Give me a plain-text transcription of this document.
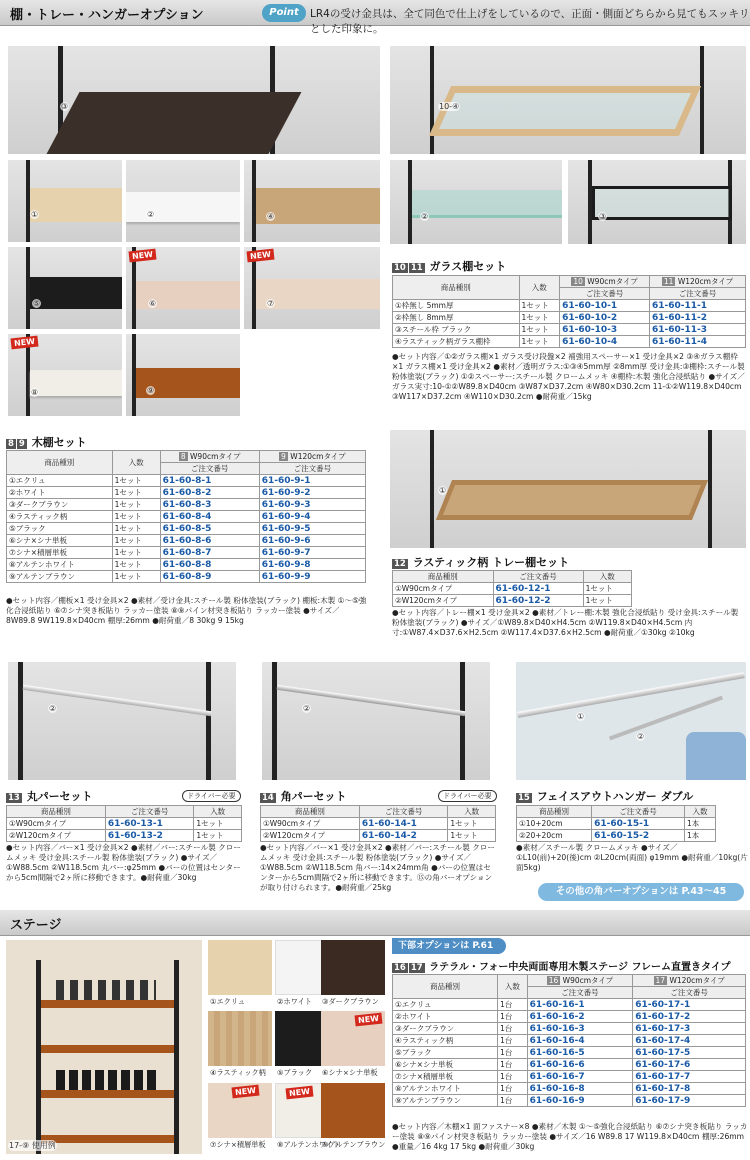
棚・トレー・ハンガーオプション	Point	LR4の受け金具は、全て同色で仕上げをしているので、正面・側面どちらから見てもスッキリとした印象に。
③
①	②	④
⑤
NEW
⑥
NEW
⑦
NEW
⑧	⑨
10-④
②	③
10 11 ガラス棚セット
商品種別	入数	10 W90cmタイプ	11 W120cmタイプ
		ご注文番号	ご注文番号
①枠無し 5mm厚	1セット	61-60-10-1	61-60-11-1
②枠無し 8mm厚	1セット	61-60-10-2	61-60-11-2
③スチール枠 ブラック	1セット	61-60-10-3	61-60-11-3
④ラスティック柄ガラス棚枠	1セット	61-60-10-4	61-60-11-4
●セット内容／①②ガラス棚×1 ガラス受け段盤×2 補強用スペーサー×1 受け金具×2 ③④ガラス棚枠×1 ガラス棚×1 受け金具×2 ●素材／透明ガラス:①③④5mm厚 ②8mm厚 受け金具:③棚枠:スチール製 粉体塗装(ブラック) ①②スペーサー:スチール製 クロームメッキ ④棚枠:木製 強化合浸紙貼り ●サイズ／ガラス実寸:10-①②W89.8×D40cm ③W87×D37.2cm ④W80×D30.2cm 11-①②W119.8×D40cm ③W117×D37.2cm ④W110×D30.2cm ●耐荷重／15kg
8 9 木棚セット
商品種別	入数	8 W90cmタイプ	9 W120cmタイプ
		ご注文番号	ご注文番号
①エクリュ	1セット	61-60-8-1	61-60-9-1
②ホワイト	1セット	61-60-8-2	61-60-9-2
③ダークブラウン	1セット	61-60-8-3	61-60-9-3
④ラスティック柄	1セット	61-60-8-4	61-60-9-4
⑤ブラック	1セット	61-60-8-5	61-60-9-5
⑥シナ×シナ単板	1セット	61-60-8-6	61-60-9-6
⑦シナ×積層単板	1セット	61-60-8-7	61-60-9-7
⑧アルテンホワイト	1セット	61-60-8-8	61-60-9-8
⑨アルテンブラウン	1セット	61-60-8-9	61-60-9-9
●セット内容／棚板×1 受け金具×2 ●素材／受け金具:スチール製 粉体塗装(ブラック) 棚板:木製 ①〜⑤強化合浸紙貼り ⑥⑦シナ突き板貼り ラッカー塗装 ⑧⑨パイン材突き板貼り ラッカー塗装 ●サイズ／8W89.8 9W119.8×D40cm 棚厚:26mm ●耐荷重／8 30kg 9 15kg
①
12 ラスティック柄 トレー棚セット
商品種別	ご注文番号	入数
①W90cmタイプ	61-60-12-1	1セット
②W120cmタイプ	61-60-12-2	1セット
●セット内容／トレー棚×1 受け金具×2 ●素材／トレー棚:木製 強化合浸紙貼り 受け金具:スチール製 粉体塗装(ブラック) ●サイズ／①W89.8×D40×H4.5cm ②W119.8×D40×H4.5cm 内寸:①W87.4×D37.6×H2.5cm ②W117.4×D37.6×H2.5cm ●耐荷重／①30kg ②10kg
②	②
①
②
13 丸パーセット	ドライバー必要
商品種別	ご注文番号	入数
①W90cmタイプ	61-60-13-1	1セット
②W120cmタイプ	61-60-13-2	1セット
●セット内容／バー×1 受け金具×2 ●素材／バー:スチール製 クロームメッキ 受け金具:スチール製 粉体塗装(ブラック) ●サイズ／①W88.5cm ②W118.5cm 丸バー:φ25mm ●バーの位置はセンターから5cm間隔で2ヶ所に移動できます。●耐荷重／30kg
14 角パーセット	ドライバー必要
商品種別	ご注文番号	入数
①W90cmタイプ	61-60-14-1	1セット
②W120cmタイプ	61-60-14-2	1セット
●セット内容／バー×1 受け金具×2 ●素材／バー:スチール製 クロームメッキ 受け金具:スチール製 粉体塗装(ブラック) ●サイズ／①W88.5cm ②W118.5cm 角バー:14×24mm角 ●バーの位置はセンターから5cm間隔で2ヶ所に移動できます。⑮の角バーオプションが取り付けられます。●耐荷重／25kg
15 フェイスアウトハンガー ダブル
商品種別	ご注文番号	入数
①10+20cm	61-60-15-1	1本
②20+20cm	61-60-15-2	1本
●素材／スチール製 クロームメッキ ●サイズ／①L10(前)+20(後)cm ②L20cm(両面) φ19mm ●耐荷重／10kg(片面5kg)
その他の角バーオプションは P.43〜45
ステージ
17-⑨ 使用例
①エクリュ	②ホワイト ③ダークブラウン
NEW
④ラスティック柄 ⑤ブラック ⑥シナ×シナ単板
NEW	NEW
⑦シナ×積層単板 ⑧アルテンホワイト
⑨アルテンブラウン
下部オプションは P.61
16 17 ラテラル・フォー中央両面専用木製ステージ フレーム直置きタイプ
商品種別	入数	16 W90cmタイプ	17 W120cmタイプ
		ご注文番号	ご注文番号
①エクリュ	1台	61-60-16-1	61-60-17-1
②ホワイト	1台	61-60-16-2	61-60-17-2
③ダークブラウン	1台	61-60-16-3	61-60-17-3
④ラスティック柄	1台	61-60-16-4	61-60-17-4
⑤ブラック	1台	61-60-16-5	61-60-17-5
⑥シナ×シナ単板	1台	61-60-16-6	61-60-17-6
⑦シナ×積層単板	1台	61-60-16-7	61-60-17-7
⑧アルテンホワイト	1台	61-60-16-8	61-60-17-8
⑨アルテンブラウン	1台	61-60-16-9	61-60-17-9
●セット内容／木棚×1 面ファスナー×8 ●素材／木製 ①〜⑤強化合浸紙貼り ⑥⑦シナ突き板貼り ラッカー塗装 ⑧⑨パイン材突き板貼り ラッカー塗装 ●サイズ／16 W89.8 17 W119.8×D40cm 棚厚:26mm ●重量／16 4kg 17 5kg ●耐荷重／30kg
